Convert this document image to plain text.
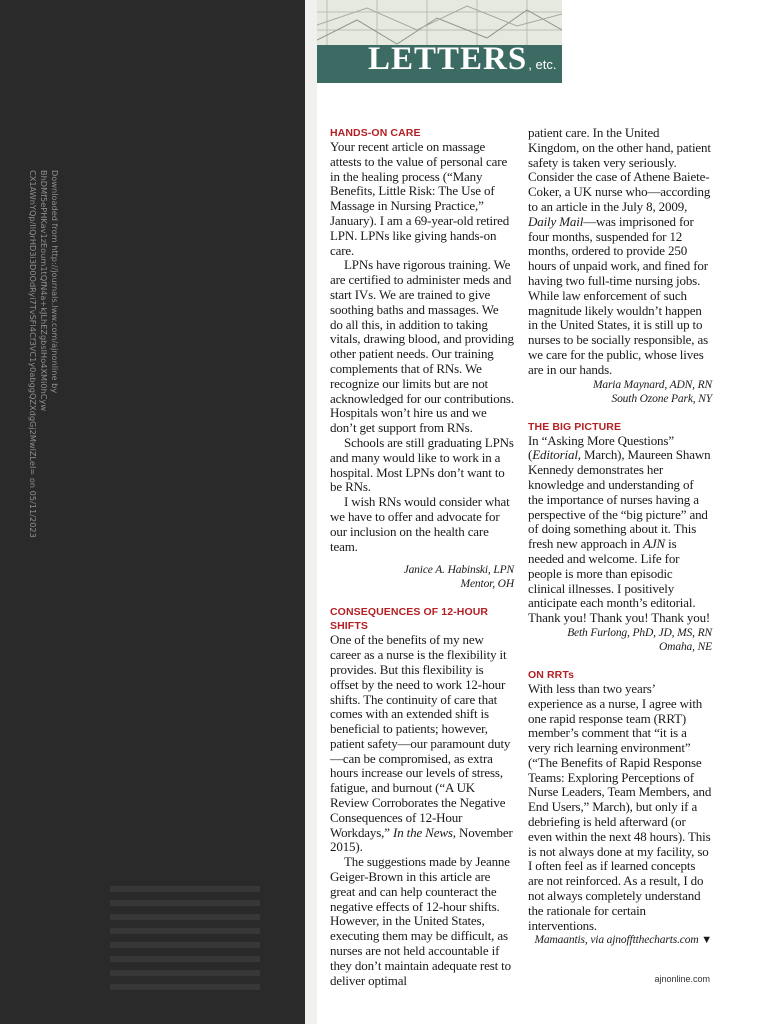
Downloaded from http://journals.lww.com/ajnonline by BhDMf5ePHKav1zEoum1tQfN4a+kJLhEZgbsIHo4XMi0hCyw CX1AWnYQp/IlQrHD3i3D0OdRyi7TvSFl4Cf3VC1y0abggQZXdgGj2MwlZLeI= on 05/11/2023
LETTERS, etc.

HANDS-ON CARE

Your recent article on massage attests to the value of personal care in the healing process (“Many Benefits, Little Risk: The Use of Massage in Nursing Practice,” January). I am a 69-year-old retired LPN. LPNs like giving hands-on care.

LPNs have rigorous training. We are certified to administer meds and start IVs. We are trained to give soothing baths and massages. We do all this, in addition to taking vitals, drawing blood, and providing other patient needs. Our training complements that of RNs. We recognize our limits but are not acknowledged for our contributions. Hospitals won’t hire us and we don’t get support from RNs.

Schools are still graduating LPNs and many would like to work in a hospital. Most LPNs don’t want to be RNs.

I wish RNs would consider what we have to offer and advocate for our inclusion on the health care team.

Janice A. Habinski, LPN

Mentor, OH

CONSEQUENCES OF 12-HOUR SHIFTS

One of the benefits of my new career as a nurse is the flexibility it provides. But this flexibility is offset by the need to work 12-hour shifts. The continuity of care that comes with an extended shift is beneficial to patients; however, patient safety—our paramount duty—can be compromised, as extra hours increase our levels of stress, fatigue, and burnout (“A UK Review Corroborates the Negative Consequences of 12-Hour Workdays,” In the News, November 2015).

The suggestions made by Jeanne Geiger-Brown in this article are great and can help counteract the negative effects of 12-hour shifts. However, in the United States, executing them may be difficult, as nurses are not held accountable if they don’t maintain adequate rest to deliver optimal

patient care. In the United Kingdom, on the other hand, patient safety is taken very seriously. Consider the case of Athene Baiete-Coker, a UK nurse who—according to an article in the July 8, 2009, Daily Mail—was imprisoned for four months, suspended for 12 months, ordered to provide 250 hours of unpaid work, and fined for having two full-time nursing jobs. While law enforcement of such magnitude likely wouldn’t happen in the United States, it is still up to nurses to be socially responsible, as we care for the public, whose lives are in our hands.

Maria Maynard, ADN, RN

South Ozone Park, NY

THE BIG PICTURE

In “Asking More Questions” (Editorial, March), Maureen Shawn Kennedy demonstrates her knowledge and understanding of the importance of nurses having a perspective of the “big picture” and of doing something about it. This fresh new approach in AJN is needed and welcome. Life for people is more than episodic clinical illnesses. I positively anticipate each month’s editorial. Thank you! Thank you! Thank you!

Beth Furlong, PhD, JD, MS, RN

Omaha, NE

ON RRTs

With less than two years’ experience as a nurse, I agree with one rapid response team (RRT) member’s comment that “it is a very rich learning environment” (“The Benefits of Rapid Response Teams: Exploring Perceptions of Nurse Leaders, Team Members, and End Users,” March), but only if a debriefing is held afterward (or even within the next 48 hours). This is not always done at my facility, so I often feel as if learned concepts are not reinforced. As a result, I do not always completely understand the rationale for certain interventions.

Mamaantis, via ajnofftthecharts.com ▼

ajnonline.com
